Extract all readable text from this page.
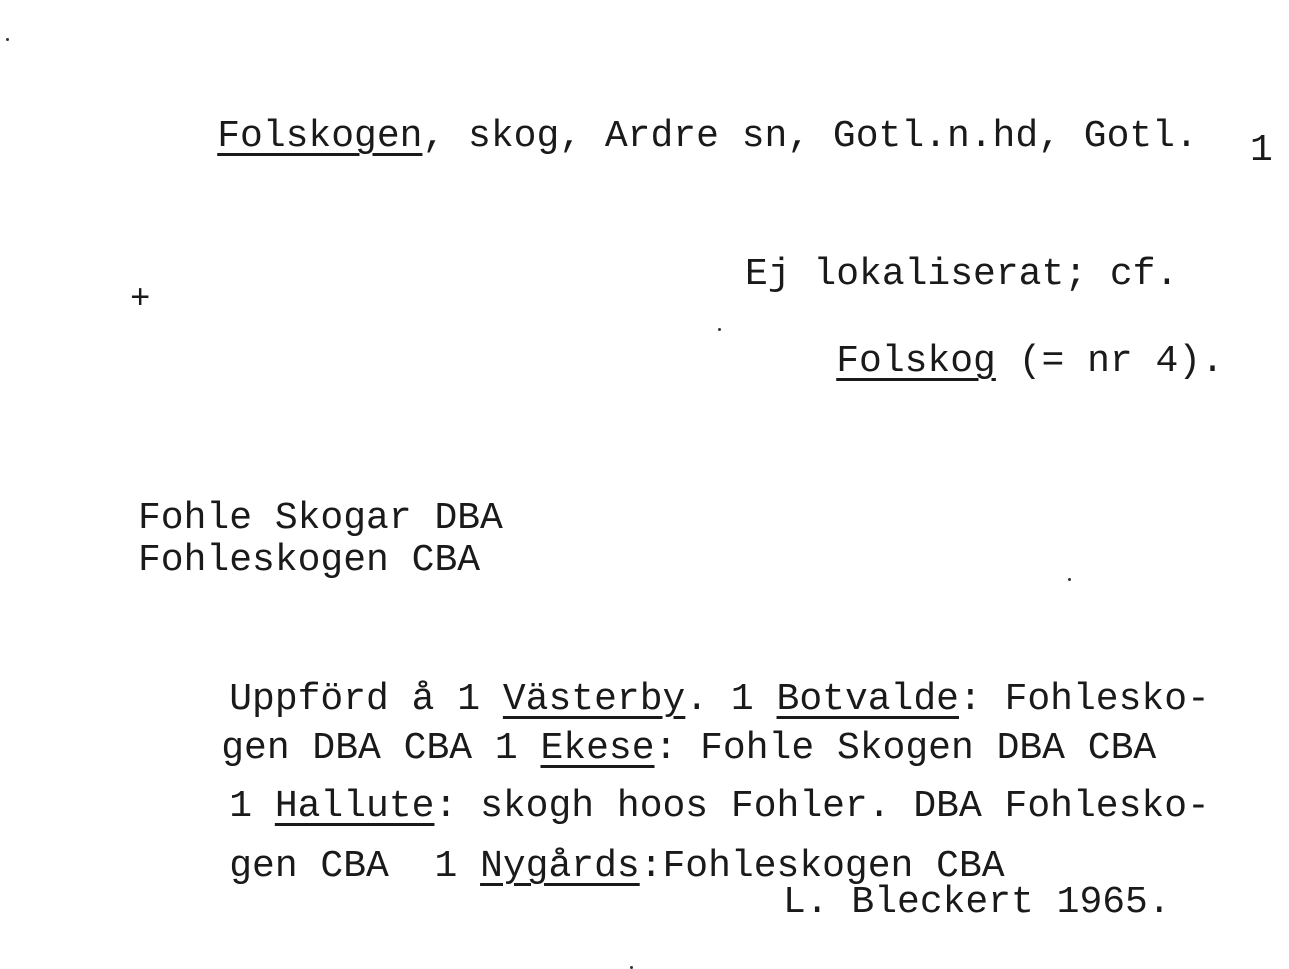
Folskogen, skog, Ardre sn, Gotl.n.hd, Gotl.
1
+
Ej lokaliserat; cf.

Folskog (= nr 4).

Fohle Skogar DBA
Fohleskogen CBA

Uppförd å 1 Västerby. 1 Botvalde: Fohlesko-

gen DBA CBA 1 Ekese: Fohle Skogen DBA CBA

1 Hallute: skogh hoos Fohler. DBA Fohlesko-

gen CBA  1 Nygårds:Fohleskogen CBA

L. Bleckert 1965.
